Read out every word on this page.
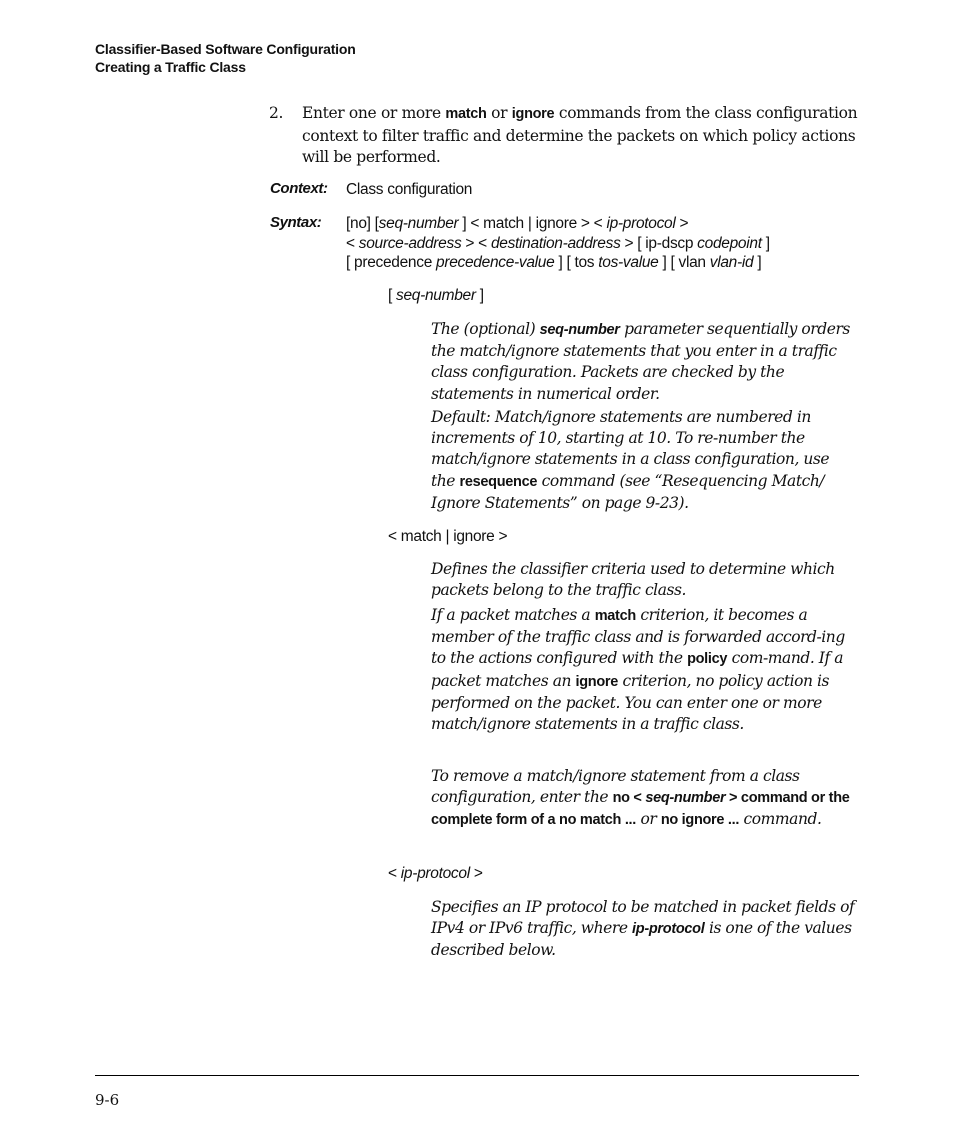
Classifier-Based Software Configuration
Creating a Traffic Class
2. Enter one or more match or ignore commands from the class configuration
context to filter traffic and determine the packets on which policy actions
will be performed.
Context: Class configuration
Syntax: [no] [seq-number ] < match | ignore > < ip-protocol >
< source-address > < destination-address > [ ip-dscp codepoint ]
[ precedence precedence-value ] [ tos tos-value ] [ vlan vlan-id ]
[ seq-number ]
The (optional) seq-number parameter sequentially orders the match/ignore statements that you enter in a traffic class configuration. Packets are checked by the statements in numerical order.
Default: Match/ignore statements are numbered in increments of 10, starting at 10. To re-number the match/ignore statements in a class configuration, use the resequence command (see “Resequencing Match/ Ignore Statements” on page 9-23).
< match | ignore >
Defines the classifier criteria used to determine which packets belong to the traffic class.
If a packet matches a match criterion, it becomes a member of the traffic class and is forwarded accord-ing to the actions configured with the policy com-mand. If a packet matches an ignore criterion, no policy action is performed on the packet. You can enter one or more match/ignore statements in a traffic class.
To remove a match/ignore statement from a class configuration, enter the no < seq-number > command or the complete form of a no match ... or no ignore ... command.
< ip-protocol >
Specifies an IP protocol to be matched in packet fields of IPv4 or IPv6 traffic, where ip-protocol is one of the values described below.
9-6
